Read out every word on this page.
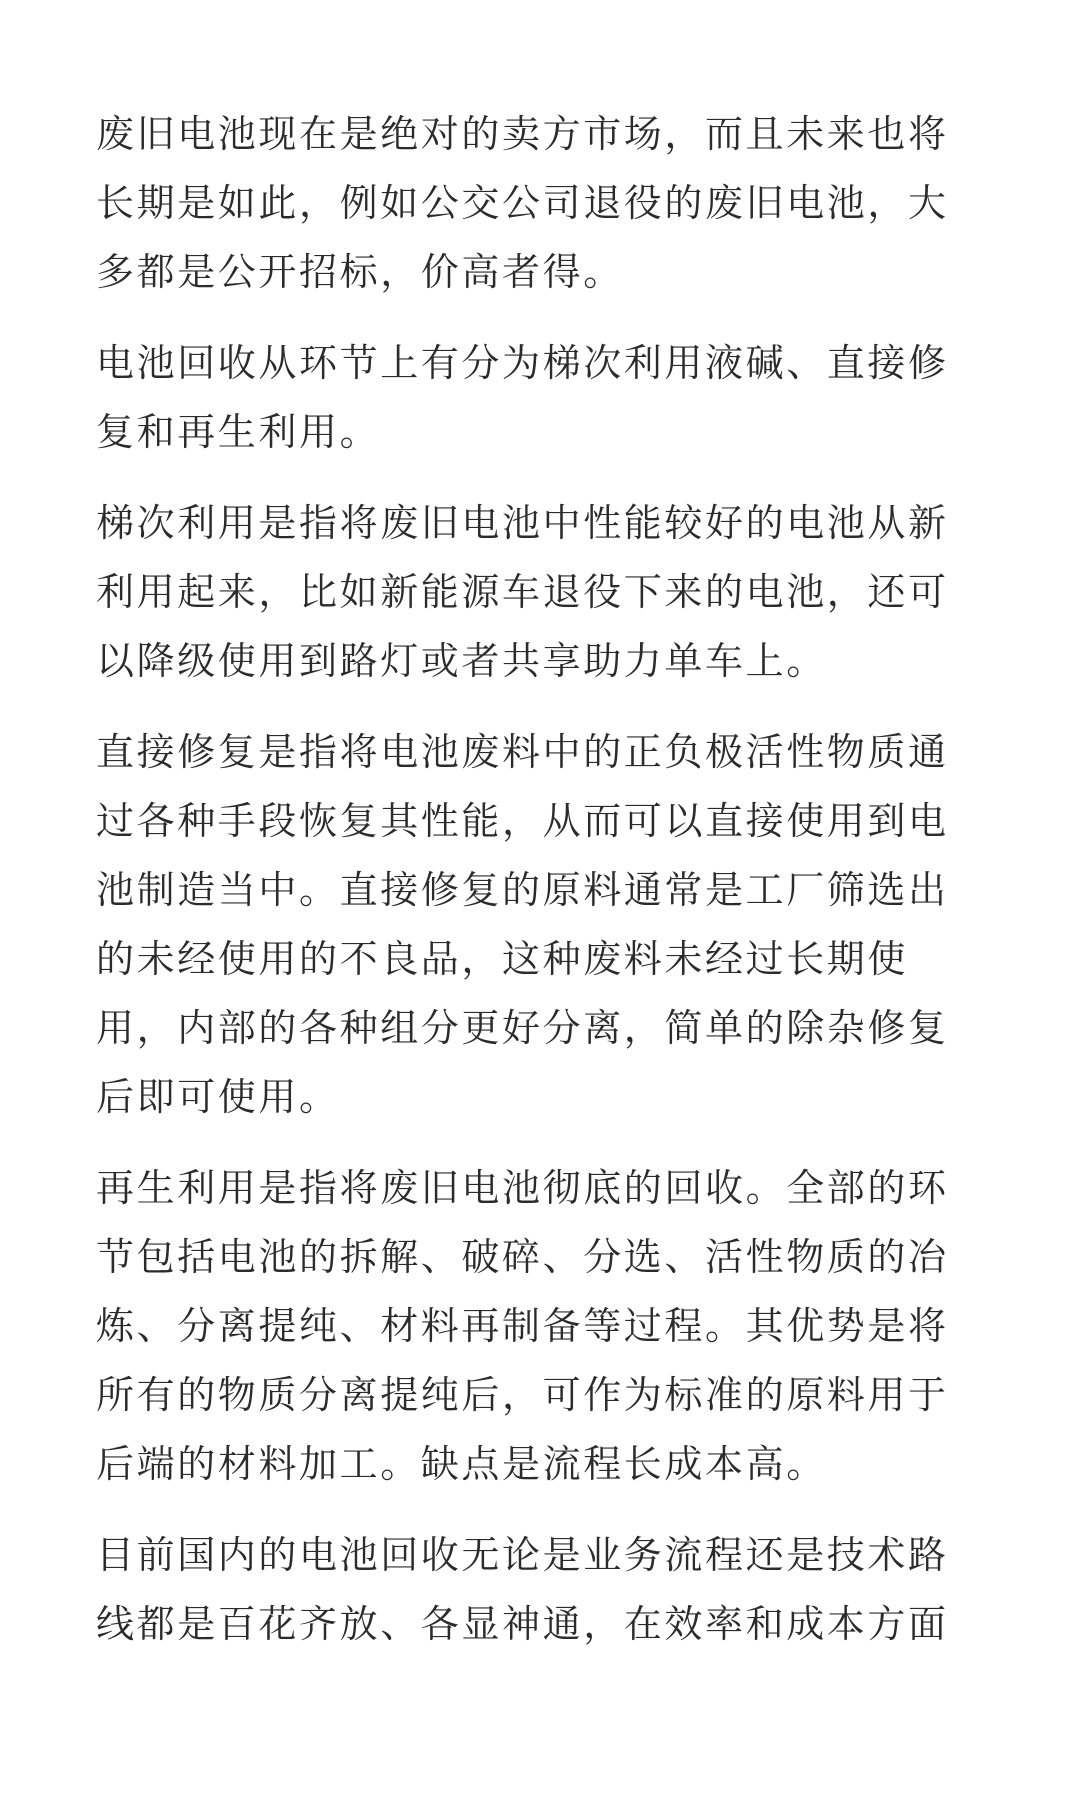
废旧电池现在是绝对的卖方市场，而且未来也将
长期是如此，例如公交公司退役的废旧电池，大
多都是公开招标，价高者得。
电池回收从环节上有分为梯次利用液碱、直接修
复和再生利用。
梯次利用是指将废旧电池中性能较好的电池从新
利用起来，比如新能源车退役下来的电池，还可
以降级使用到路灯或者共享助力单车上。
直接修复是指将电池废料中的正负极活性物质通
过各种手段恢复其性能，从而可以直接使用到电
池制造当中。直接修复的原料通常是工厂筛选出
的未经使用的不良品，这种废料未经过长期使
用，内部的各种组分更好分离，简单的除杂修复
后即可使用。
再生利用是指将废旧电池彻底的回收。全部的环
节包括电池的拆解、破碎、分选、活性物质的冶
炼、分离提纯、材料再制备等过程。其优势是将
所有的物质分离提纯后，可作为标准的原料用于
后端的材料加工。缺点是流程长成本高。
目前国内的电池回收无论是业务流程还是技术路
线都是百花齐放、各显神通，在效率和成本方面
